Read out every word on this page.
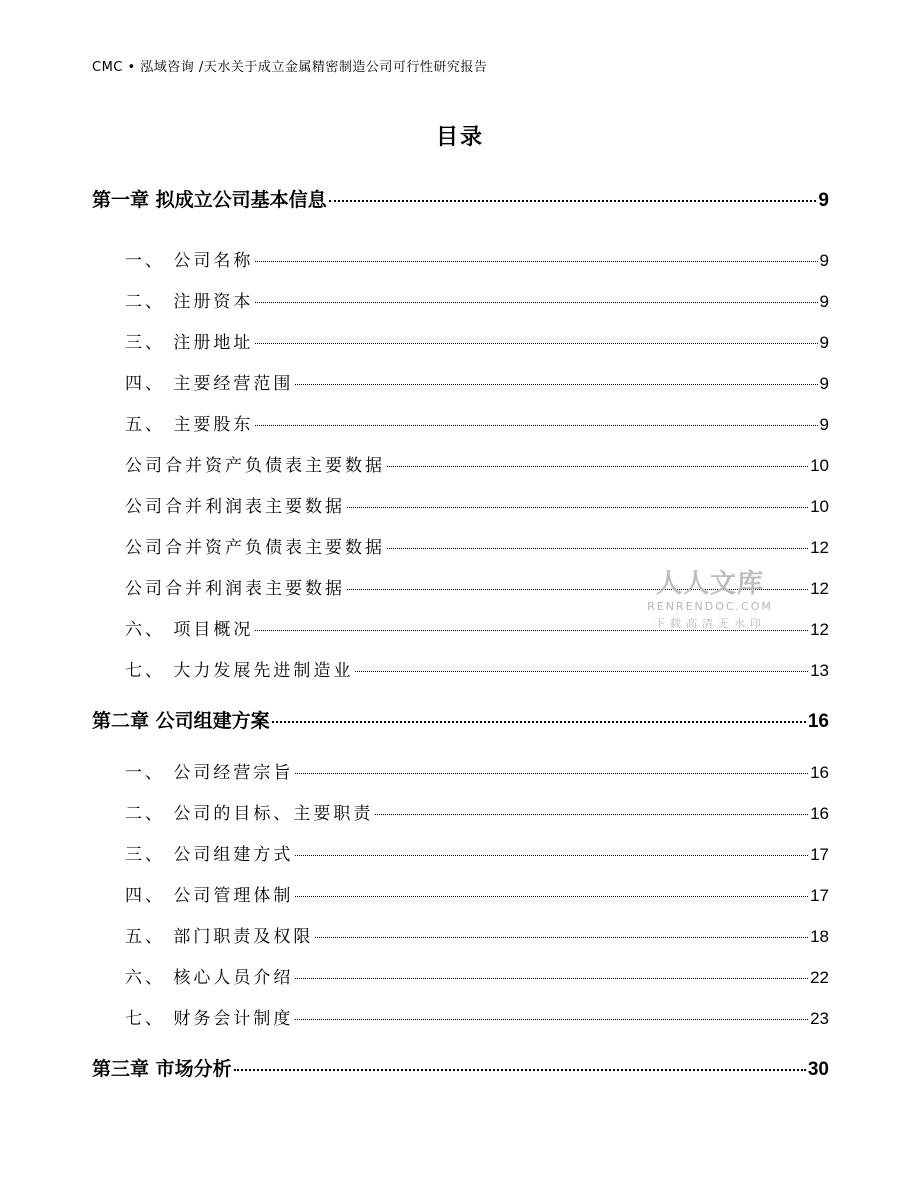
CMC • 泓域咨询 /天水关于成立金属精密制造公司可行性研究报告
目录
第一章 拟成立公司基本信息	9
一、 公司名称	9
二、 注册资本	9
三、 注册地址	9
四、 主要经营范围	9
五、 主要股东	9
公司合并资产负债表主要数据	10
公司合并利润表主要数据	10
公司合并资产负债表主要数据	12
公司合并利润表主要数据	12
六、 项目概况	12
七、 大力发展先进制造业	13
第二章 公司组建方案	16
一、 公司经营宗旨	16
二、 公司的目标、主要职责	16
三、 公司组建方式	17
四、 公司管理体制	17
五、 部门职责及权限	18
六、 核心人员介绍	22
七、 财务会计制度	23
第三章 市场分析	30
人人文库
RENRENDOC.COM
下载高清无水印
